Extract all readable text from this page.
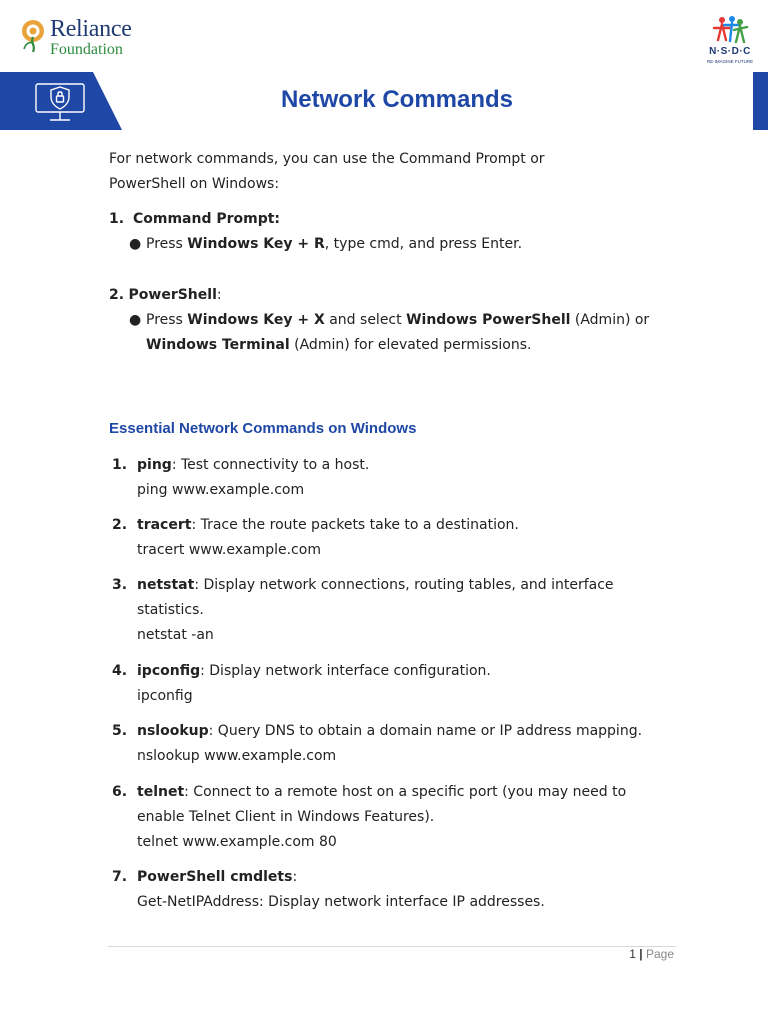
Reliance
Foundation	N·S·D·C
RE-IMAGINE FUTURE
Network Commands
For network commands, you can use the Command Prompt or
PowerShell on Windows:
1. Command Prompt:
● Press Windows Key + R, type cmd, and press Enter.
2. PowerShell:
● Press Windows Key + X and select Windows PowerShell (Admin) or
Windows Terminal (Admin) for elevated permissions.
Essential Network Commands on Windows
1. ping: Test connectivity to a host.
ping www.example.com
2. tracert: Trace the route packets take to a destination.
tracert www.example.com
3. netstat: Display network connections, routing tables, and interface
statistics.
netstat -an
4. ipconfig: Display network interface configuration.
ipconfig
5. nslookup: Query DNS to obtain a domain name or IP address mapping.
nslookup www.example.com
6. telnet: Connect to a remote host on a specific port (you may need to
enable Telnet Client in Windows Features).
telnet www.example.com 80
7. PowerShell cmdlets:
Get-NetIPAddress: Display network interface IP addresses.
1 | Page
